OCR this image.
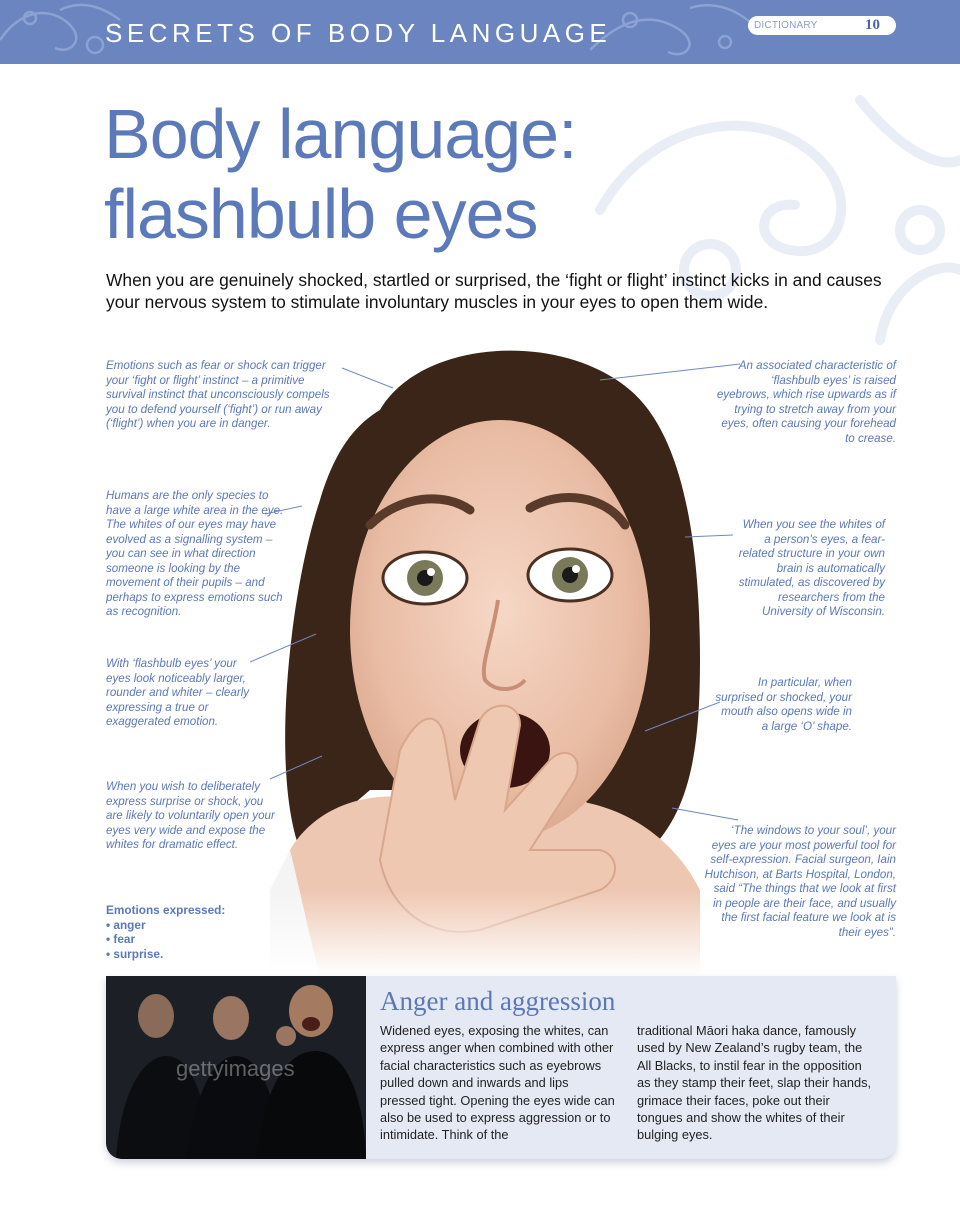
SECRETS OF BODY LANGUAGE	DICTIONARY	10
Body language:
flashbulb eyes

When you are genuinely shocked, startled or surprised, the ‘fight or flight’ instinct kicks in and causes your nervous system to stimulate involuntary muscles in your eyes to open them wide.

Emotions such as fear or shock can trigger your ‘fight or flight’ instinct – a primitive survival instinct that unconsciously compels you to defend yourself (‘fight’) or run away (‘flight’) when you are in danger.

Humans are the only species to have a large white area in the eye. The whites of our eyes may have evolved as a signalling system – you can see in what direction someone is looking by the movement of their pupils – and perhaps to express emotions such as recognition.

With ‘flashbulb eyes’ your eyes look noticeably larger, rounder and whiter – clearly expressing a true or exaggerated emotion.

When you wish to deliberately express surprise or shock, you are likely to voluntarily open your eyes very wide and expose the whites for dramatic effect.

An associated characteristic of ‘flashbulb eyes’ is raised eyebrows, which rise upwards as if trying to stretch away from your eyes, often causing your forehead to crease.

When you see the whites of a person’s eyes, a fear-related structure in your own brain is automatically stimulated, as discovered by researchers from the University of Wisconsin.

In particular, when surprised or shocked, your mouth also opens wide in a large ‘O’ shape.

‘The windows to your soul’, your eyes are your most powerful tool for self-expression. Facial surgeon, Iain Hutchison, at Barts Hospital, London, said “The things that we look at first in people are their face, and usually the first facial feature we look at is their eyes”.

Emotions expressed:
• anger
• fear
• surprise.
gettyimages
Anger and aggression

Widened eyes, exposing the whites, can express anger when combined with other facial characteristics such as eyebrows pulled down and inwards and lips pressed tight. Opening the eyes wide can also be used to express aggression or to intimidate. Think of the

traditional Māori haka dance, famously used by New Zealand’s rugby team, the All Blacks, to instil fear in the opposition as they stamp their feet, slap their hands, grimace their faces, poke out their tongues and show the whites of their bulging eyes.
